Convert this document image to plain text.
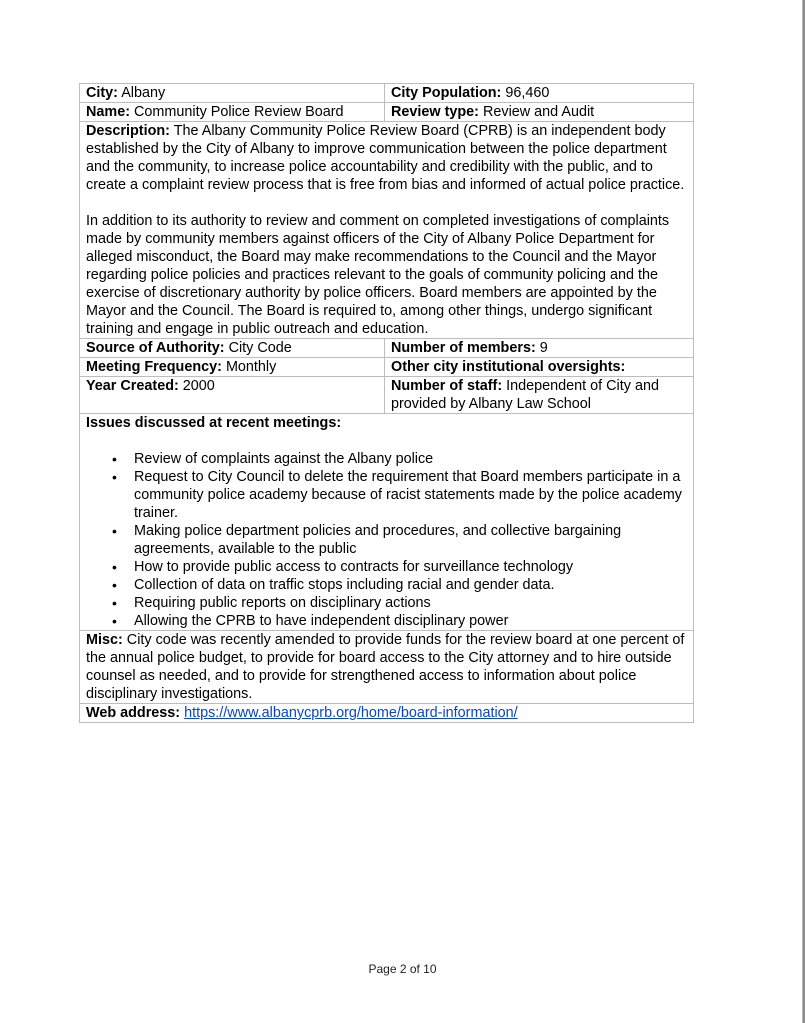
City: Albany	City Population: 96,460
Name: Community Police Review Board	Review type: Review and Audit

Description: The Albany Community Police Review Board (CPRB) is an independent body established by the City of Albany to improve communication between the police department and the community, to increase police accountability and credibility with the public, and to create a complaint review process that is free from bias and informed of actual police practice.

In addition to its authority to review and comment on completed investigations of complaints made by community members against officers of the City of Albany Police Department for alleged misconduct, the Board may make recommendations to the Council and the Mayor regarding police policies and practices relevant to the goals of community policing and the exercise of discretionary authority by police officers. Board members are appointed by the Mayor and the Council. The Board is required to, among other things, undergo significant training and engage in public outreach and education.	

Source of Authority: City Code	Number of members: 9
Meeting Frequency: Monthly	Other city institutional oversights:
Year Created: 2000	Number of staff: Independent of City and provided by Albany Law School
Issues discussed at recent meetings:
• Review of complaints against the Albany police
• Request to City Council to delete the requirement that Board members participate in a community police academy because of racist statements made by the police academy trainer.
• Making police department policies and procedures, and collective bargaining agreements, available to the public
• How to provide public access to contracts for surveillance technology
• Collection of data on traffic stops including racial and gender data.
• Requiring public reports on disciplinary actions
• Allowing the CPRB to have independent disciplinary power

Misc: City code was recently amended to provide funds for the review board at one percent of the annual police budget, to provide for board access to the City attorney and to hire outside counsel as needed, and to provide for strengthened access to information about police disciplinary investigations.	
Web address: https://www.albanycprb.org/home/board-information/	
Page 2 of 10
